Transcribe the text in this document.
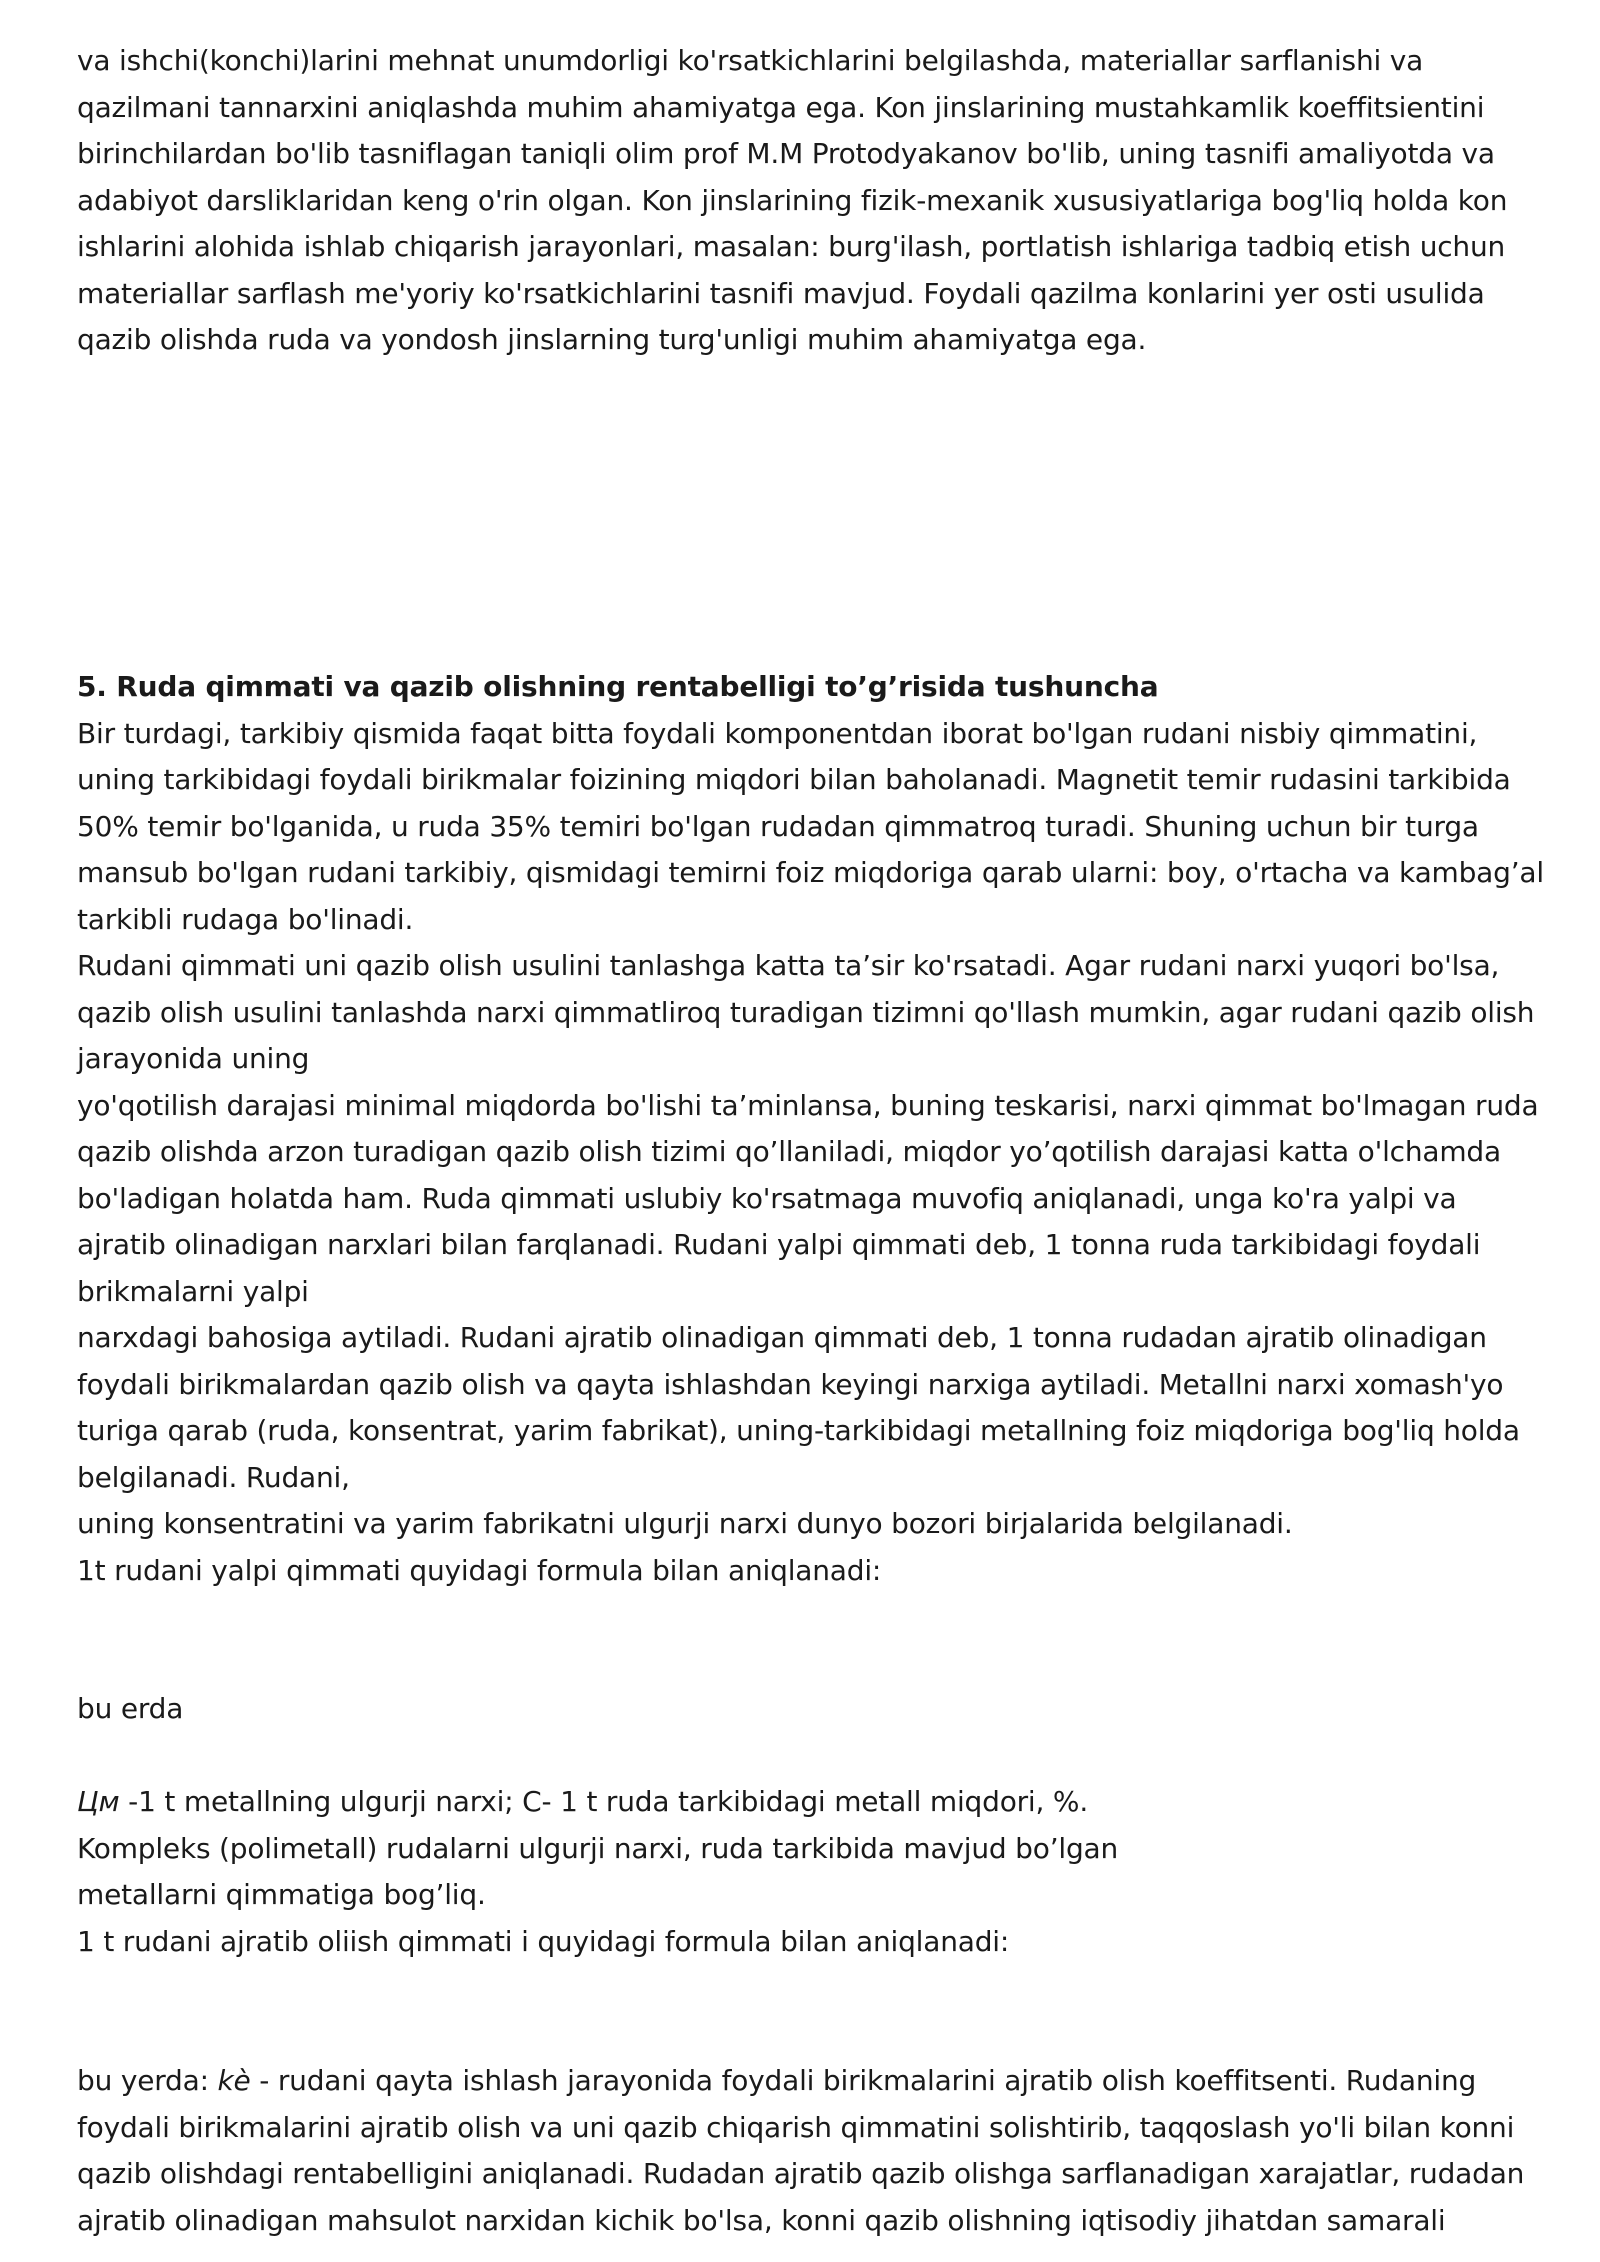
va ishchi(konchi)larini mehnat unumdorligi ko'rsatkichlarini belgilashda, materiallar sarflanishi va
qazilmani tannarxini aniqlashda muhim ahamiyatga ega. Kon jinslarining mustahkamlik koeffitsientini
birinchilardan bo'lib tasniflagan taniqli olim prof M.M Protodyakanov bo'lib, uning tasnifi amaliyotda va
adabiyot darsliklaridan keng o'rin olgan. Kon jinslarining fizik-mexanik xususiyatlariga bog'liq holda kon
ishlarini alohida ishlab chiqarish jarayonlari, masalan: burg'ilash, portlatish ishlariga tadbiq etish uchun
materiallar sarflash me'yoriy ko'rsatkichlarini tasnifi mavjud. Foydali qazilma konlarini yer osti usulida
qazib olishda ruda va yondosh jinslarning turg'unligi muhim ahamiyatga ega.
5. Ruda qimmati va qazib olishning rentabelligi to’g’risida tushuncha
Bir turdagi, tarkibiy qismida faqat bitta foydali komponentdan iborat bo'lgan rudani nisbiy qimmatini,
uning tarkibidagi foydali birikmalar foizining miqdori bilan baholanadi. Magnetit temir rudasini tarkibida
50% temir bo'lganida, u ruda 35% temiri bo'lgan rudadan qimmatroq turadi. Shuning uchun bir turga
mansub bo'lgan rudani tarkibiy, qismidagi temirni foiz miqdoriga qarab ularni: boy, o'rtacha va kambag’al
tarkibli rudaga bo'linadi.
Rudani qimmati uni qazib olish usulini tanlashga katta ta’sir ko'rsatadi. Agar rudani narxi yuqori bo'lsa,
qazib olish usulini tanlashda narxi qimmatliroq turadigan tizimni qo'llash mumkin, agar rudani qazib olish
jarayonida uning
yo'qotilish darajasi minimal miqdorda bo'lishi ta’minlansa, buning teskarisi, narxi qimmat bo'lmagan ruda
qazib olishda arzon turadigan qazib olish tizimi qo’llaniladi, miqdor yo’qotilish darajasi katta o'lchamda
bo'ladigan holatda ham. Ruda qimmati uslubiy ko'rsatmaga muvofiq aniqlanadi, unga ko'ra yalpi va
ajratib olinadigan narxlari bilan farqlanadi. Rudani yalpi qimmati deb, 1 tonna ruda tarkibidagi foydali
brikmalarni yalpi
narxdagi bahosiga aytiladi. Rudani ajratib olinadigan qimmati deb, 1 tonna rudadan ajratib olinadigan
foydali birikmalardan qazib olish va qayta ishlashdan keyingi narxiga aytiladi. Metallni narxi xomash'yo
turiga qarab (ruda, konsentrat, yarim fabrikat), uning-tarkibidagi metallning foiz miqdoriga bog'liq holda
belgilanadi. Rudani,
uning konsentratini va yarim fabrikatni ulgurji narxi dunyo bozori birjalarida belgilanadi.
1t rudani yalpi qimmati quyidagi formula bilan aniqlanadi:
bu erda
Цм -1 t metallning ulgurji narxi; C- 1 t ruda tarkibidagi metall miqdori, %.
Kompleks (polimetall) rudalarni ulgurji narxi, ruda tarkibida mavjud bo’lgan
metallarni qimmatiga bog’liq.
1 t rudani ajratib oliish qimmati i quyidagi formula bilan aniqlanadi:
bu yerda: kè - rudani qayta ishlash jarayonida foydali birikmalarini ajratib olish koeffitsenti. Rudaning
foydali birikmalarini ajratib olish va uni qazib chiqarish qimmatini solishtirib, taqqoslash yo'li bilan konni
qazib olishdagi rentabelligini aniqlanadi. Rudadan ajratib qazib olishga sarflanadigan xarajatlar, rudadan
ajratib olinadigan mahsulot narxidan kichik bo'lsa, konni qazib olishning iqtisodiy jihatdan samarali
